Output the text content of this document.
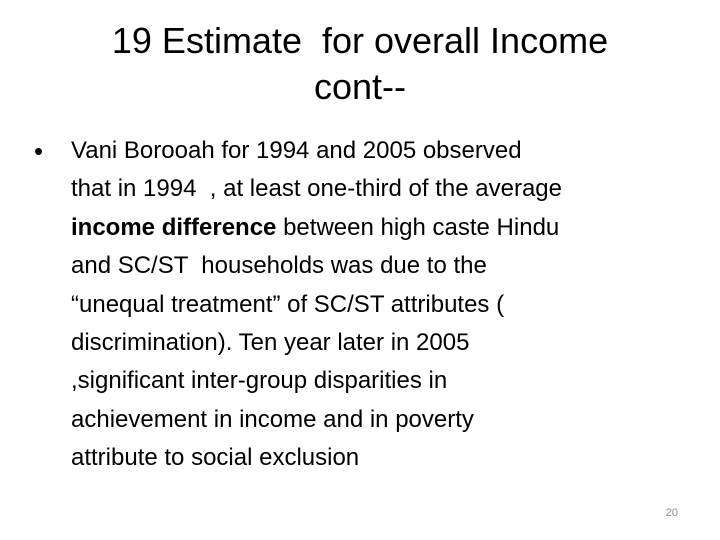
19 Estimate  for overall Income
cont--
• Vani Borooah for 1994 and 2005 observed
that in 1994  , at least one-third of the average
income difference between high caste Hindu
and SC/ST  households was due to the
“unequal treatment” of SC/ST attributes (
discrimination). Ten year later in 2005
,significant inter-group disparities in
achievement in income and in poverty
attribute to social exclusion
20
